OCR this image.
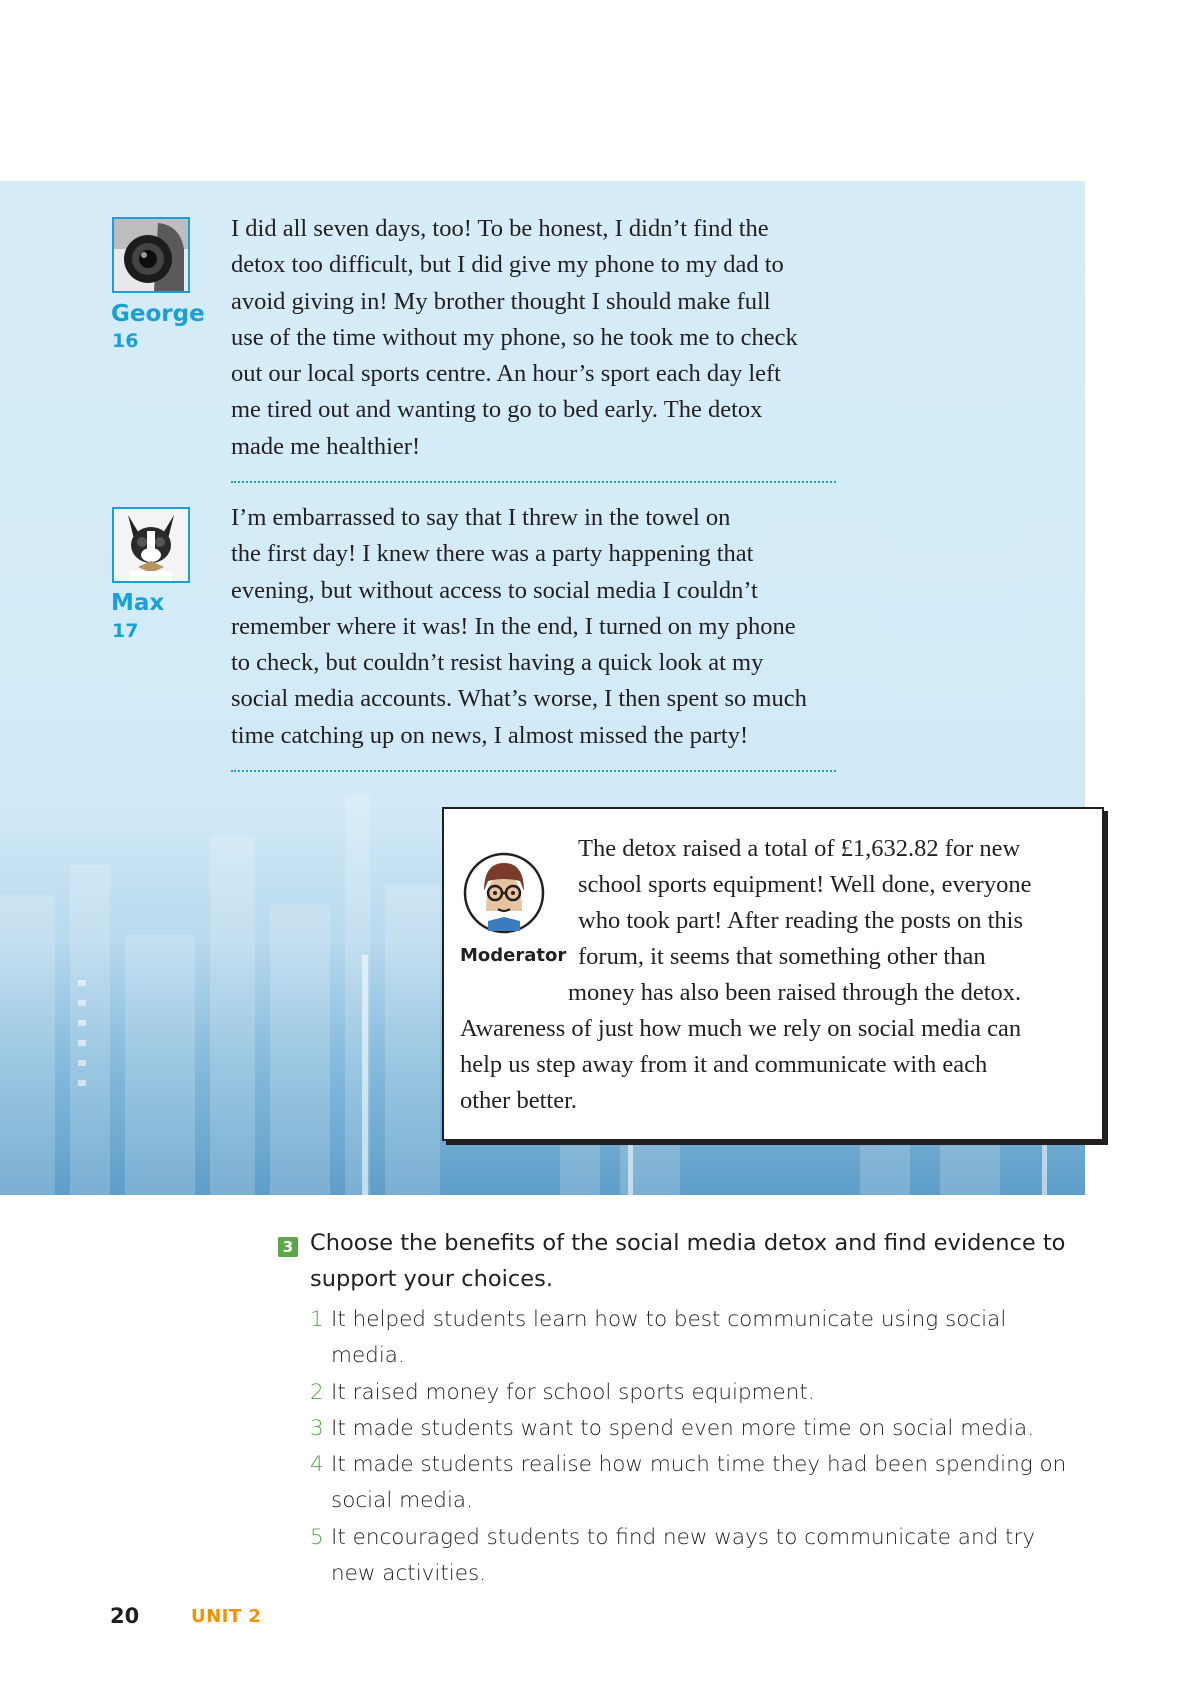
George
16

I did all seven days, too! To be honest, I didn’t find the
detox too difficult, but I did give my phone to my dad to
avoid giving in! My brother thought I should make full
use of the time without my phone, so he took me to check
out our local sports centre. An hour’s sport each day left
me tired out and wanting to go to bed early. The detox
made me healthier!

Max
17

I’m embarrassed to say that I threw in the towel on
the first day! I knew there was a party happening that
evening, but without access to social media I couldn’t
remember where it was! In the end, I turned on my phone
to check, but couldn’t resist having a quick look at my
social media accounts. What’s worse, I then spent so much
time catching up on news, I almost missed the party!

Moderator

The detox raised a total of £1,632.82 for new

school sports equipment! Well done, everyone

who took part! After reading the posts on this

forum, it seems that something other than

money has also been raised through the detox.

Awareness of just how much we rely on social media can

help us step away from it and communicate with each

other better.

3 Choose the benefits of the social media detox and find evidence to support your choices.
1 It helped students learn how to best communicate using social media.
2 It raised money for school sports equipment.
3 It made students want to spend even more time on social media.
4 It made students realise how much time they had been spending on social media.
5 It encouraged students to find new ways to communicate and try new activities.
20	UNIT 2
